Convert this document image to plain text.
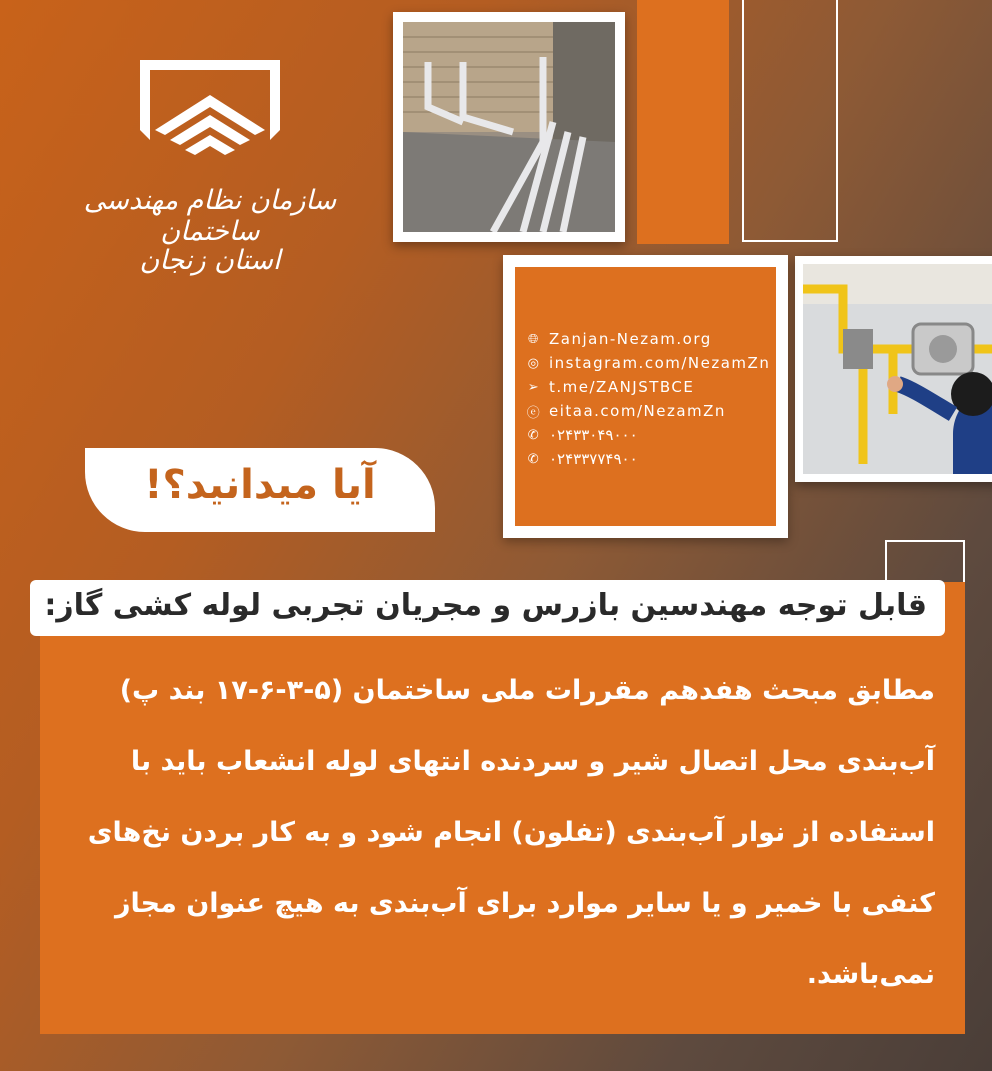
سازمان نظام مهندسی ساختمان
استان زنجان
🌐︎ Zanjan-Nezam.org
◎ instagram.com/NezamZn
➢ t.me/ZANJSTBCE
ⓔ eitaa.com/NezamZn
✆ ۰۲۴۳۳۰۴۹۰۰۰
✆ ۰۲۴۳۳۷۷۴۹۰۰
آیا میدانید؟!
قابل توجه مهندسین بازرس و مجریان تجربی لوله کشی گاز:

مطابق مبحث هفدهم مقررات ملی ساختمان (۵-۳-۶-۱۷ بند پ)

آب‌بندی محل اتصال شیر و سردنده انتهای لوله انشعاب باید با

استفاده از نوار آب‌بندی (تفلون) انجام شود و به کار بردن نخ‌های

کنفی با خمیر و یا سایر موارد برای آب‌بندی به هیچ عنوان مجاز

نمی‌باشد.
